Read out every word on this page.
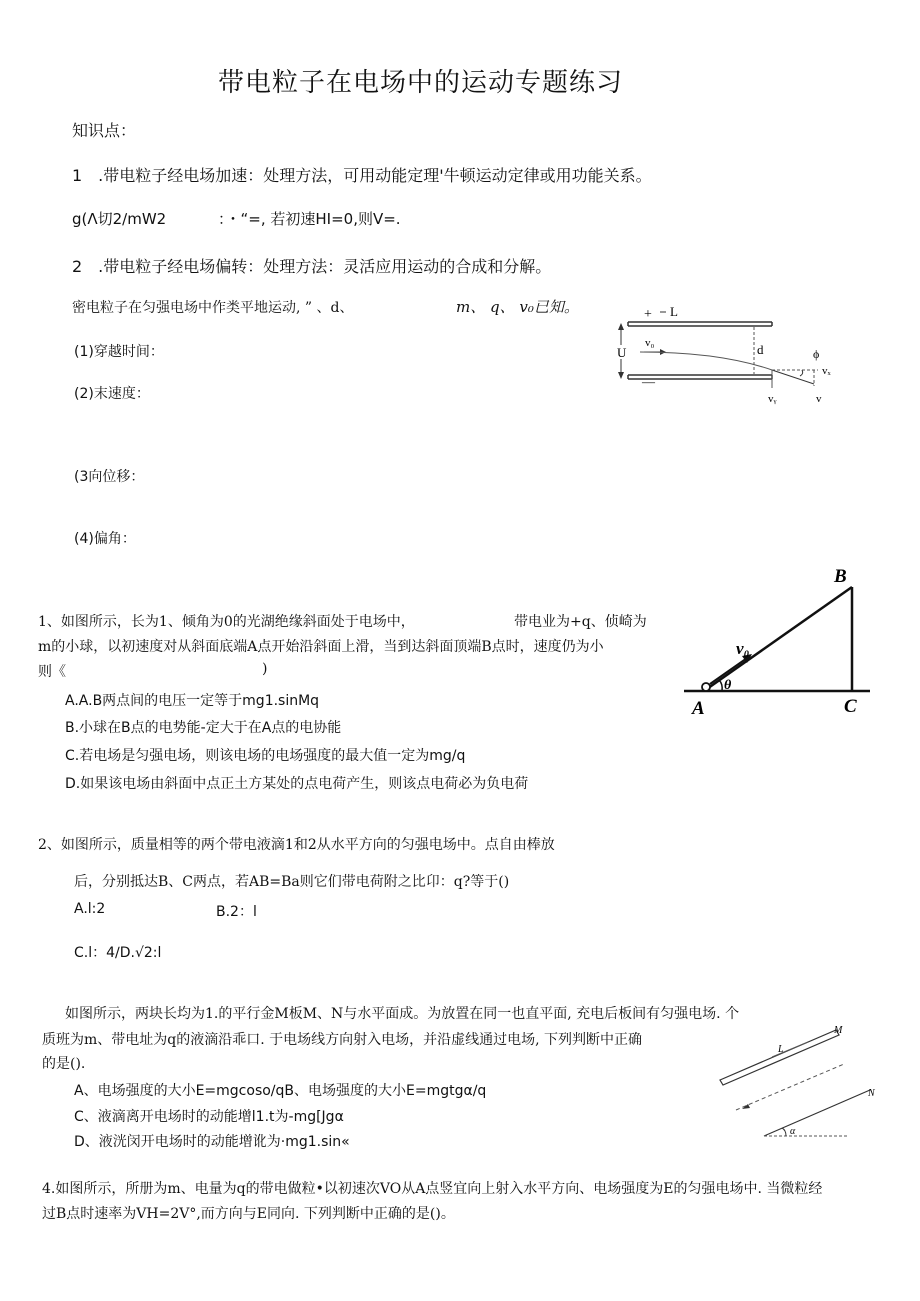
带电粒子在电场中的运动专题练习
知识点：
1　.带电粒子经电场加速：处理方法，可用动能定理'牛顿运动定律或用功能关系。
g(Λ切2∕mW2	：・“=, 若初速HI=0,则V=.
2　.带电粒子经电场偏转：处理方法：灵活应用运动的合成和分解。
密电粒子在匀强电场中作类平地运动, ” 、d、	m、 q、 v₀已知。
(1)穿越时间：
(2)末速度：
(3向位移：
(4)偏角：
+ L
—
U
v₀	d	ϕ
vₓ
vᵧ	v
1、如图所示，长为1、倾角为0的光湖绝缘斜面处于电场中，	带电业为+q、侦崎为
m的小球，以初速度对从斜面底端A点开始沿斜面上滑，当到达斜面顶端B点时，速度仍为小
则《	)
A.A.B两点间的电压一定等于mg1.sinMq
B.小球在B点的电势能-定大于在A点的电协能
C.若电场是匀强电场，则该电场的电场强度的最大值一定为mg/q
D.如果该电场由斜面中点正土方某处的点电荷产生，则该点电荷必为负电荷
θ
v₀
A
B
C
2、如图所示，质量相等的两个带电液滴1和2从水平方向的匀强电场中。点自由棒放
后，分别抵达B、C两点，若AB=Ba则它们带电荷附之比卬：q?等于()
A.l:2	B.2：l
C.l：4∕D.√2:l
如图所示，两块长均为1.的平行金M板M、N与水平面成。为放置在同一也直平面, 充电后板间有匀强电场. 个
质班为m、带电址为q的液滴沿乖口. 于电场线方向射入电场，并沿虚线通过电场, 下列判断中正确
的是().
A、电场强度的大小E=mgcoso∕qB、电场强度的大小E=mgtgα∕q
C、液滴离开电场时的动能增l1.t为-mg[Jgα
D、液洸闵开电场时的动能增讹为·mg1.sin«
M
L
N
α
4.如图所示，所册为m、电量为q的带电做粒•以初速次VO从A点竖宜向上射入水平方向、电场强度为E的匀强电场中. 当微粒经
过B点时速率为VH=2V°,而方向与E同向. 下列判断中正确的是()。
